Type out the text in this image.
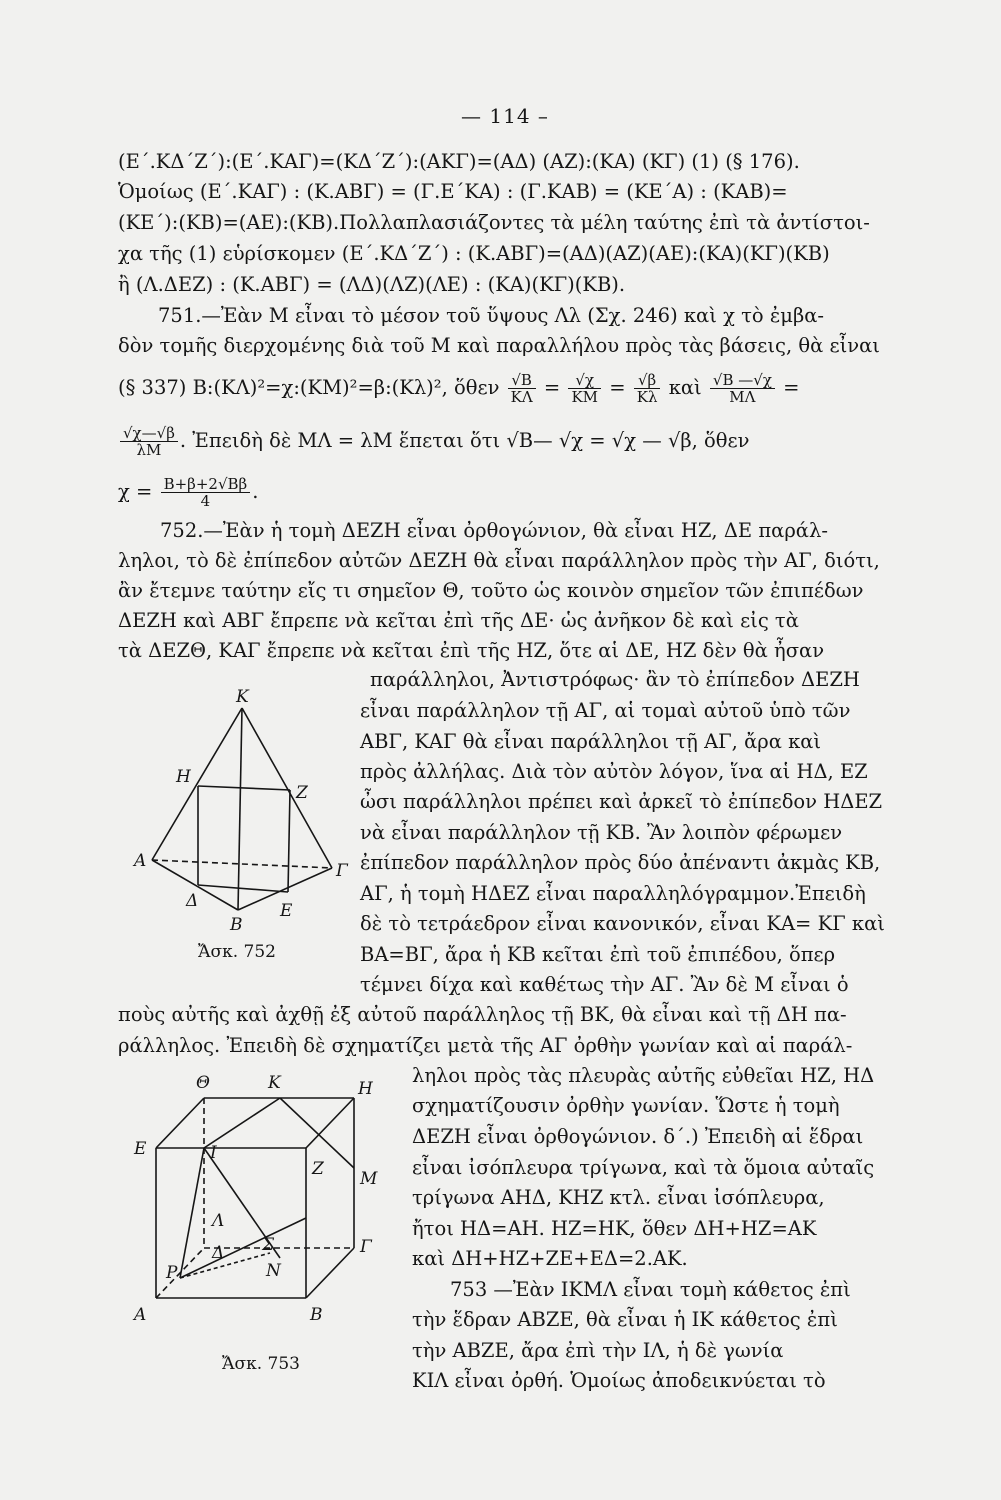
— 114 –
(Ε΄.ΚΔ΄Ζ΄):(Ε΄.ΚΑΓ)=(ΚΔ΄Ζ΄):(ΑΚΓ)=(ΑΔ) (ΑΖ):(ΚΑ) (ΚΓ) (1) (§ 176).
Ὁμοίως (Ε΄.ΚΑΓ) : (Κ.ΑΒΓ) = (Γ.Ε΄ΚΑ) : (Γ.ΚΑΒ) = (ΚΕ΄Α) : (ΚΑΒ)=
(ΚΕ΄):(ΚΒ)=(ΑΕ):(ΚΒ).Πολλαπλασιάζοντες τὰ μέλη ταύτης ἐπὶ τὰ ἀντίστοι-
χα τῆς (1) εὑρίσκομεν (Ε΄.ΚΔ΄Ζ΄) : (Κ.ΑΒΓ)=(ΑΔ)(ΑΖ)(ΑΕ):(ΚΑ)(ΚΓ)(ΚΒ)
ἢ (Λ.ΔΕΖ) : (Κ.ΑΒΓ) = (ΛΔ)(ΛΖ)(ΛΕ) : (ΚΑ)(ΚΓ)(ΚΒ).
751.—Ἐὰν Μ εἶναι τὸ μέσον τοῦ ὕψους Λλ (Σχ. 246) καὶ χ τὸ ἐμβα-
δὸν τομῆς διερχομένης διὰ τοῦ Μ καὶ παραλλήλου πρὸς τὰς βάσεις, θὰ εἶναι
(§ 337) Β:(ΚΛ)²=χ:(ΚΜ)²=β:(Κλ)², ὅθεν $\frac{√B}{K\Lambda} = \frac{√\chi}{KM} = \frac{√\beta}{K\lambda}$ καὶ $\frac{√B —√\chi}{M\Lambda}$ =
$\frac{√\chi—√\beta}{\lambda M}$ . Ἐπειδὴ δὲ ΜΛ = λΜ ἕπεται ὅτι √Β— √χ = √χ — √β, ὅθεν
$\chi = \frac{B+\beta+2√B\beta}{4}$ .
752.—Ἐὰν ἡ τομὴ ΔΕΖΗ εἶναι ὀρθογώνιον, θὰ εἶναι ΗΖ, ΔΕ παράλ-
ληλοι, τὸ δὲ ἐπίπεδον αὐτῶν ΔΕΖΗ θὰ εἶναι παράλληλον πρὸς τὴν ΑΓ, διότι,
ἂν ἔτεμνε ταύτην εἴς τι σημεῖον Θ, τοῦτο ὡς κοινὸν σημεῖον τῶν ἐπιπέδων
ΔΕΖΗ καὶ ΑΒΓ ἔπρεπε νὰ κεῖται ἐπὶ τῆς ΔΕ· ὡς ἀνῆκον δὲ καὶ εἰς τὰ
τὰ ΔΕΖΘ, ΚΑΓ ἔπρεπε νὰ κεῖται ἐπὶ τῆς ΗΖ, ὅτε αἱ ΔΕ, ΗΖ δὲν θὰ ἦσαν
παράλληλοι, Ἀντιστρόφως· ἂν τὸ ἐπίπεδον ΔΕΖΗ
εἶναι παράλληλον τῇ ΑΓ, αἱ τομαὶ αὐτοῦ ὑπὸ τῶν
ΑΒΓ, ΚΑΓ θὰ εἶναι παράλληλοι τῇ ΑΓ, ἄρα καὶ
πρὸς ἀλλήλας. Διὰ τὸν αὐτὸν λόγον, ἵνα αἱ ΗΔ, ΕΖ
ὦσι παράλληλοι πρέπει καὶ ἀρκεῖ τὸ ἐπίπεδον ΗΔΕΖ
νὰ εἶναι παράλληλον τῇ ΚΒ. Ἂν λοιπὸν φέρωμεν
ἐπίπεδον παράλληλον πρὸς δύο ἀπέναντι ἀκμὰς ΚΒ,
ΑΓ, ἡ τομὴ ΗΔΕΖ εἶναι παραλληλόγραμμον.Ἐπειδὴ
δὲ τὸ τετράεδρον εἶναι κανονικόν, εἶναι ΚΑ= ΚΓ καὶ
ΒΑ=ΒΓ, ἄρα ἡ ΚΒ κεῖται ἐπὶ τοῦ ἐπιπέδου, ὅπερ
τέμνει δίχα καὶ καθέτως τὴν ΑΓ. Ἂν δὲ Μ εἶναι ὁ
ποὺς αὐτῆς καὶ ἀχθῇ ἐξ αὐτοῦ παράλληλος τῇ ΒΚ, θὰ εἶναι καὶ τῇ ΔΗ πα-
ράλληλος. Ἐπειδὴ δὲ σχηματίζει μετὰ τῆς ΑΓ ὀρθὴν γωνίαν καὶ αἱ παράλ-
ληλοι πρὸς τὰς πλευρὰς αὐτῆς εὐθεῖαι ΗΖ, ΗΔ
σχηματίζουσιν ὀρθὴν γωνίαν. Ὥστε ἡ τομὴ
ΔΕΖΗ εἶναι ὀρθογώνιον. δ΄.) Ἐπειδὴ αἱ ἕδραι
εἶναι ἰσόπλευρα τρίγωνα, καὶ τὰ ὅμοια αὐταῖς
τρίγωνα ΑΗΔ, ΚΗΖ κτλ. εἶναι ἰσόπλευρα,
ἤτοι ΗΔ=ΑΗ. ΗΖ=ΗΚ, ὅθεν ΔΗ+ΗΖ=ΑΚ
καὶ ΔΗ+ΗΖ+ΖΕ+ΕΔ=2.ΑΚ.
753 —Ἐὰν ΙΚΜΛ εἶναι τομὴ κάθετος ἐπὶ
τὴν ἕδραν ΑΒΖΕ, θὰ εἶναι ἡ ΙΚ κάθετος ἐπὶ
τὴν ΑΒΖΕ, ἄρα ἐπὶ τὴν ΙΛ, ἡ δὲ γωνία
ΚΙΛ εἶναι ὀρθή. Ὁμοίως ἀποδεικνύεται τὸ
Κ
Η
Ζ
Α	Γ
Δ
Β
Ε
Ἄσκ. 752
Θ	Κ	Η
Ε	Ι
Ζ Μ
Λ
Σ
Ν
Ρ
Γ
Α	Β
Δ
Ἄσκ. 753
